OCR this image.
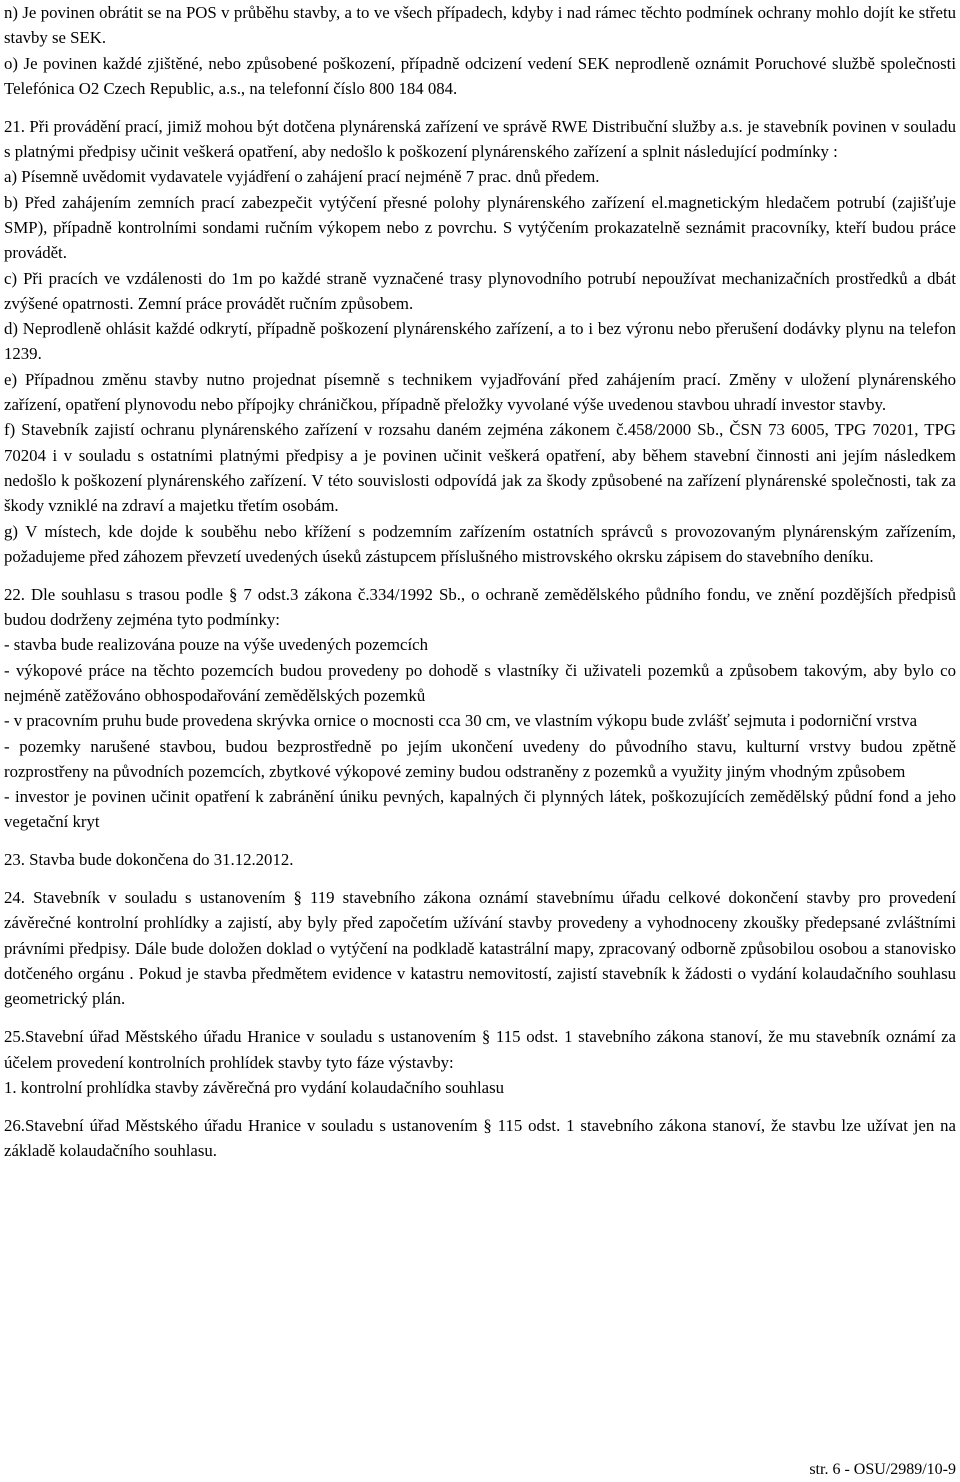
n) Je povinen obrátit se na POS v průběhu stavby, a to ve všech případech, kdyby i nad rámec těchto podmínek ochrany mohlo dojít ke střetu stavby se SEK.

o) Je povinen každé zjištěné, nebo způsobené poškození, případně odcizení vedení SEK neprodleně oznámit Poruchové službě společnosti Telefónica O2 Czech Republic, a.s., na telefonní číslo 800 184 084.

21. Při provádění prací, jimiž mohou být dotčena plynárenská zařízení ve správě RWE Distribuční služby a.s. je stavebník povinen v souladu s platnými předpisy učinit veškerá opatření, aby nedošlo k poškození plynárenského zařízení a splnit následující podmínky :

a) Písemně uvědomit vydavatele vyjádření o zahájení prací nejméně 7 prac. dnů předem.

b) Před zahájením zemních prací zabezpečit vytýčení přesné polohy plynárenského zařízení el.magnetickým hledačem potrubí (zajišťuje SMP), případně kontrolními sondami ručním výkopem nebo z povrchu. S vytýčením prokazatelně seznámit pracovníky, kteří budou práce provádět.

c) Při pracích ve vzdálenosti do 1m po každé straně vyznačené trasy plynovodního potrubí nepoužívat mechanizačních prostředků a dbát zvýšené opatrnosti. Zemní práce provádět ručním způsobem.

d) Neprodleně ohlásit každé odkrytí, případně poškození plynárenského zařízení, a to i bez výronu nebo přerušení dodávky plynu na telefon 1239.

e) Případnou změnu stavby nutno projednat písemně s technikem vyjadřování před zahájením prací. Změny v uložení plynárenského zařízení, opatření plynovodu nebo přípojky chráničkou, případně přeložky vyvolané výše uvedenou stavbou uhradí investor stavby.

f) Stavebník zajistí ochranu plynárenského zařízení v rozsahu daném zejména zákonem č.458/2000 Sb., ČSN 73 6005, TPG 70201, TPG 70204 i v souladu s ostatními platnými předpisy a je povinen učinit veškerá opatření, aby během stavební činnosti ani jejím následkem nedošlo k poškození plynárenského zařízení. V této souvislosti odpovídá jak za škody způsobené na zařízení plynárenské společnosti, tak za škody vzniklé na zdraví a majetku třetím osobám.

g) V místech, kde dojde k souběhu nebo křížení s podzemním zařízením ostatních správců s provozovaným plynárenským zařízením, požadujeme před záhozem převzetí uvedených úseků zástupcem příslušného mistrovského okrsku zápisem do stavebního deníku.

22. Dle souhlasu s trasou podle § 7 odst.3 zákona č.334/1992 Sb., o ochraně zemědělského půdního fondu, ve znění pozdějších předpisů budou dodrženy zejména tyto podmínky:

- stavba bude realizována pouze na výše uvedených pozemcích

- výkopové práce na těchto pozemcích budou provedeny po dohodě s vlastníky či uživateli pozemků a způsobem takovým, aby bylo co nejméně zatěžováno obhospodařování zemědělských pozemků

- v pracovním pruhu bude provedena skrývka ornice o mocnosti cca 30 cm, ve vlastním výkopu bude zvlášť sejmuta i podorniční vrstva

- pozemky narušené stavbou, budou bezprostředně po jejím ukončení uvedeny do původního stavu, kulturní vrstvy budou zpětně rozprostřeny na původních pozemcích, zbytkové výkopové zeminy budou odstraněny z pozemků a využity jiným vhodným způsobem

- investor je povinen učinit opatření k zabránění úniku pevných, kapalných či plynných látek, poškozujících zemědělský půdní fond a jeho vegetační kryt

23. Stavba bude dokončena do 31.12.2012.

24. Stavebník v souladu s ustanovením § 119 stavebního zákona oznámí stavebnímu úřadu celkové dokončení stavby pro provedení závěrečné kontrolní prohlídky a zajistí, aby byly před započetím užívání stavby provedeny a vyhodnoceny zkoušky předepsané zvláštními právními předpisy. Dále bude doložen doklad o vytýčení na podkladě katastrální mapy, zpracovaný odborně způsobilou osobou a stanovisko dotčeného orgánu . Pokud je stavba předmětem evidence v katastru nemovitostí, zajistí stavebník k žádosti o vydání kolaudačního souhlasu geometrický plán.

25.Stavební úřad Městského úřadu Hranice v souladu s ustanovením § 115 odst. 1 stavebního zákona stanoví, že mu stavebník oznámí za účelem provedení kontrolních prohlídek stavby tyto fáze výstavby:

1. kontrolní prohlídka stavby závěrečná pro vydání kolaudačního souhlasu

26.Stavební úřad Městského úřadu Hranice v souladu s ustanovením § 115 odst. 1 stavebního zákona stanoví, že stavbu lze užívat jen na základě kolaudačního souhlasu.

str. 6 - OSU/2989/10-9
